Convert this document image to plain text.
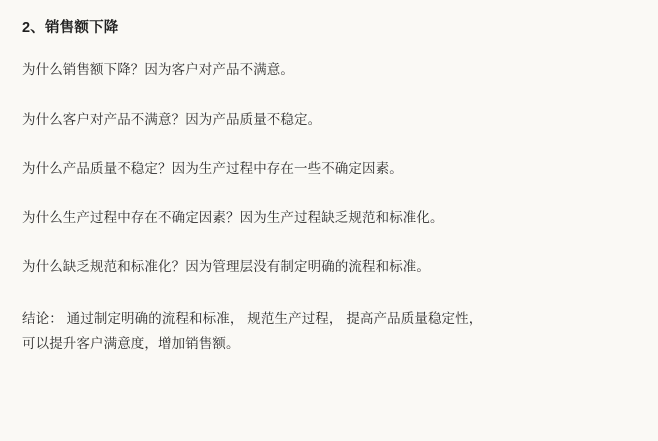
2、销售额下降

为什么销售额下降？因为客户对产品不满意。

为什么客户对产品不满意？因为产品质量不稳定。

为什么产品质量不稳定？因为生产过程中存在一些不确定因素。

为什么生产过程中存在不确定因素？因为生产过程缺乏规范和标准化。

为什么缺乏规范和标准化？因为管理层没有制定明确的流程和标准。

结论： 通过制定明确的流程和标准， 规范生产过程， 提高产品质量稳定性，
可以提升客户满意度，增加销售额。
